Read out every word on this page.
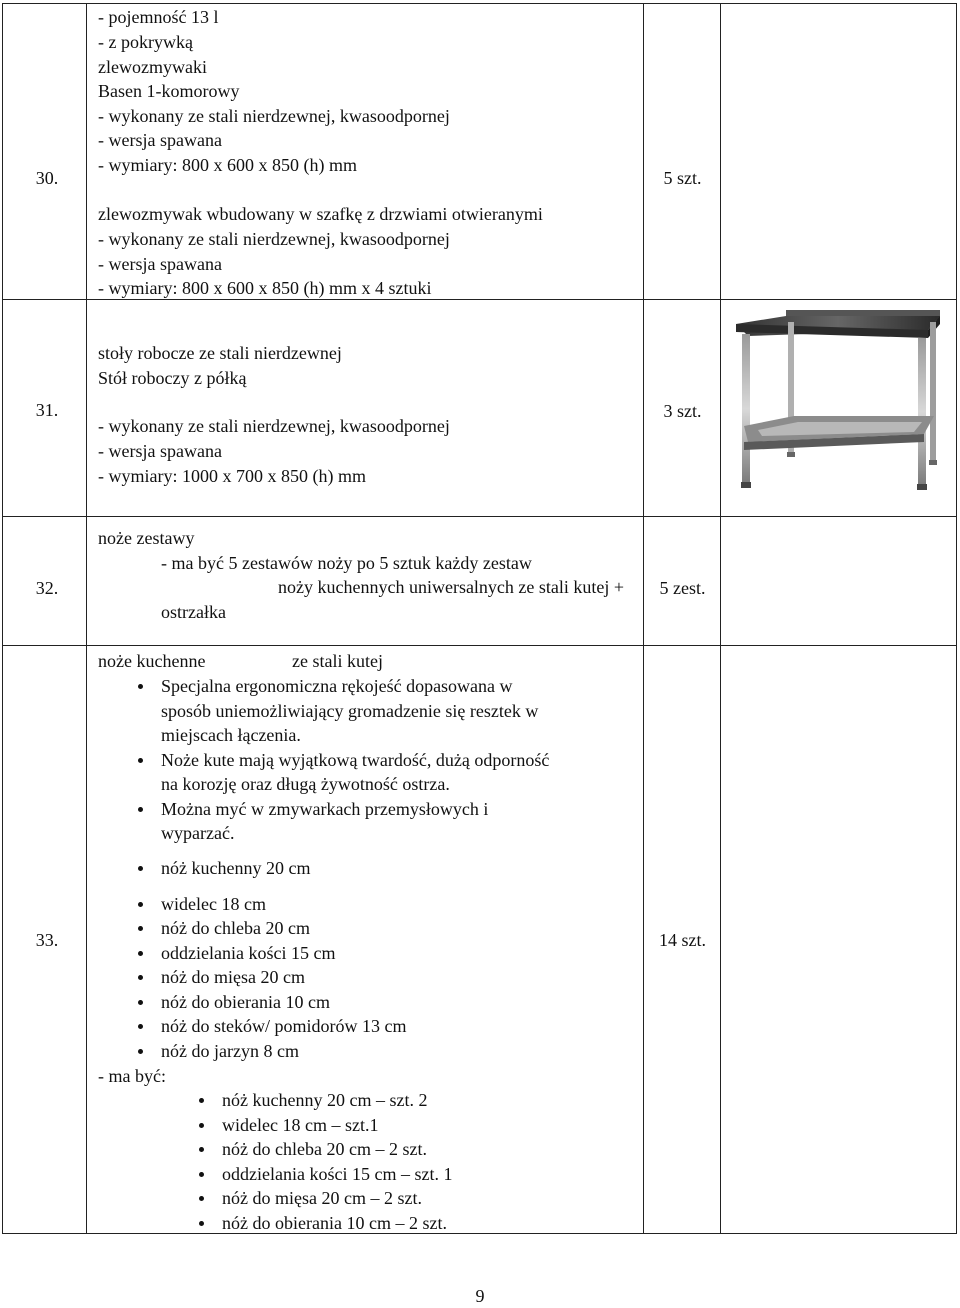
30.
- pojemność 13 l
- z pokrywką
zlewozmywaki
Basen 1-komorowy
- wykonany ze stali nierdzewnej, kwasoodpornej
- wersja spawana
- wymiary: 800 x 600 x 850 (h) mm
zlewozmywak wbudowany w szafkę z drzwiami otwieranymi
- wykonany ze stali nierdzewnej, kwasoodpornej
- wersja spawana
- wymiary: 800 x 600 x 850 (h) mm x 4 sztuki
5 szt.
31.
stoły robocze ze stali nierdzewnej
Stół roboczy z półką
- wykonany ze stali nierdzewnej, kwasoodpornej
- wersja spawana
- wymiary: 1000 x 700 x 850 (h) mm
3 szt.
32.
noże zestawy
- ma być 5 zestawów noży po 5 sztuk każdy zestaw
noży kuchennych uniwersalnych ze stali kutej +
ostrzałka
5 zest.
33.	14 szt.
noże kuchenne	ze stali kutej
Specjalna ergonomiczna rękojeść dopasowana w
sposób uniemożliwiający gromadzenie się resztek w
miejscach łączenia.
Noże kute mają wyjątkową twardość, dużą odporność
na korozję oraz długą żywotność ostrza.
Można myć w zmywarkach przemysłowych i
wyparzać.
nóż kuchenny 20 cm
widelec 18 cm
nóż do chleba 20 cm
oddzielania kości 15 cm
nóż do mięsa 20 cm
nóż do obierania 10 cm
nóż do steków/ pomidorów 13 cm
nóż do jarzyn 8 cm
- ma być:
nóż kuchenny 20 cm – szt. 2
widelec 18 cm – szt.1
nóż do chleba 20 cm – 2 szt.
oddzielania kości 15 cm – szt. 1
nóż do mięsa 20 cm – 2 szt.
nóż do obierania 10 cm – 2 szt.
9
